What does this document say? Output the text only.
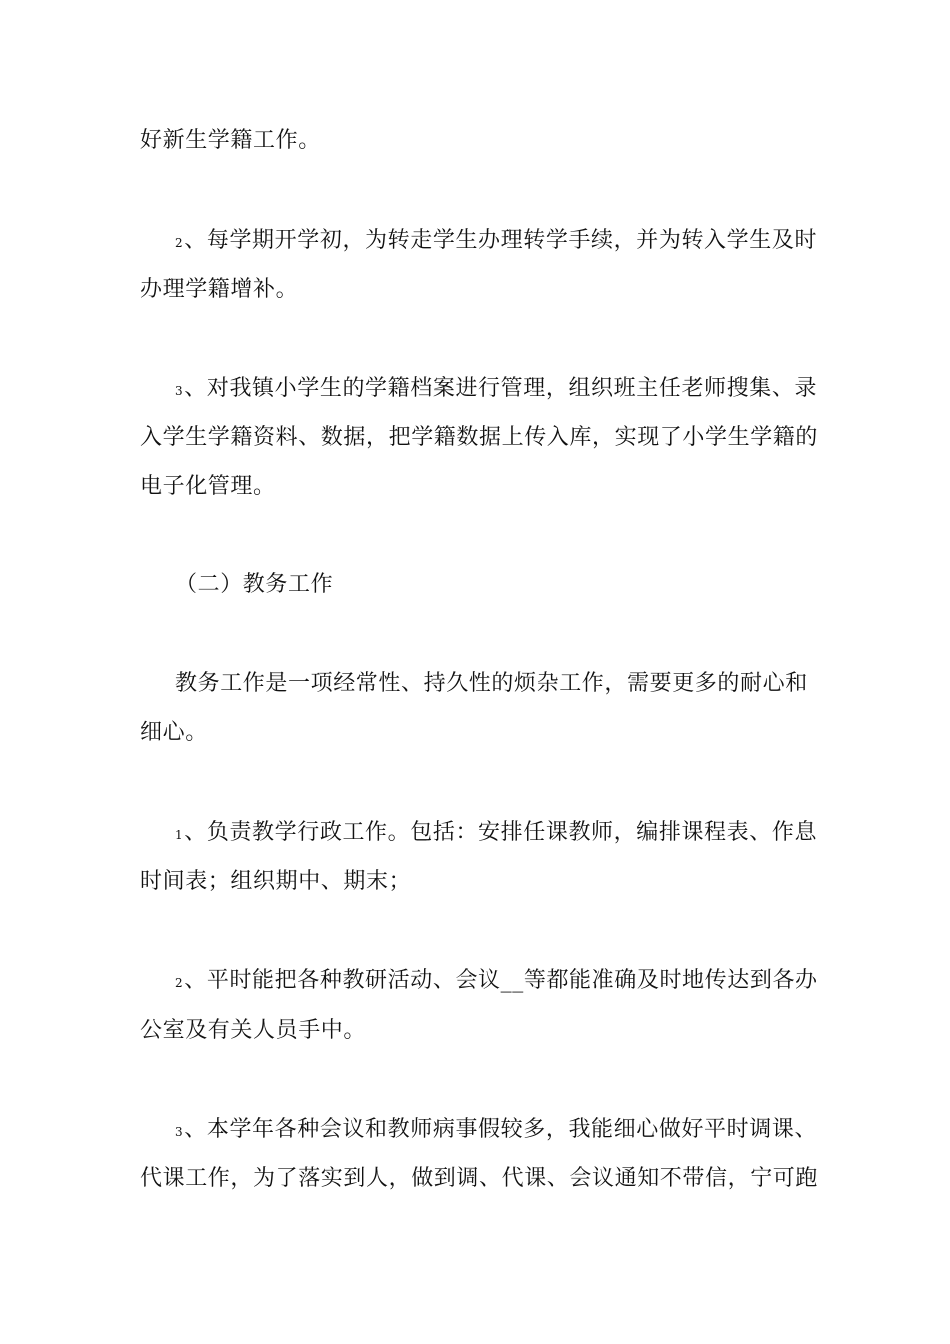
好新生学籍工作。
2、每学期开学初，为转走学生办理转学手续，并为转入学生及时
办理学籍增补。
3、对我镇小学生的学籍档案进行管理，组织班主任老师搜集、录
入学生学籍资料、数据，把学籍数据上传入库，实现了小学生学籍的
电子化管理。
（二）教务工作
教务工作是一项经常性、持久性的烦杂工作，需要更多的耐心和
细心。
1、负责教学行政工作。包括：安排任课教师，编排课程表、作息
时间表；组织期中、期末；
2、平时能把各种教研活动、会议__等都能准确及时地传达到各办
公室及有关人员手中。
3、本学年各种会议和教师病事假较多，我能细心做好平时调课、
代课工作，为了落实到人，做到调、代课、会议通知不带信，宁可跑
